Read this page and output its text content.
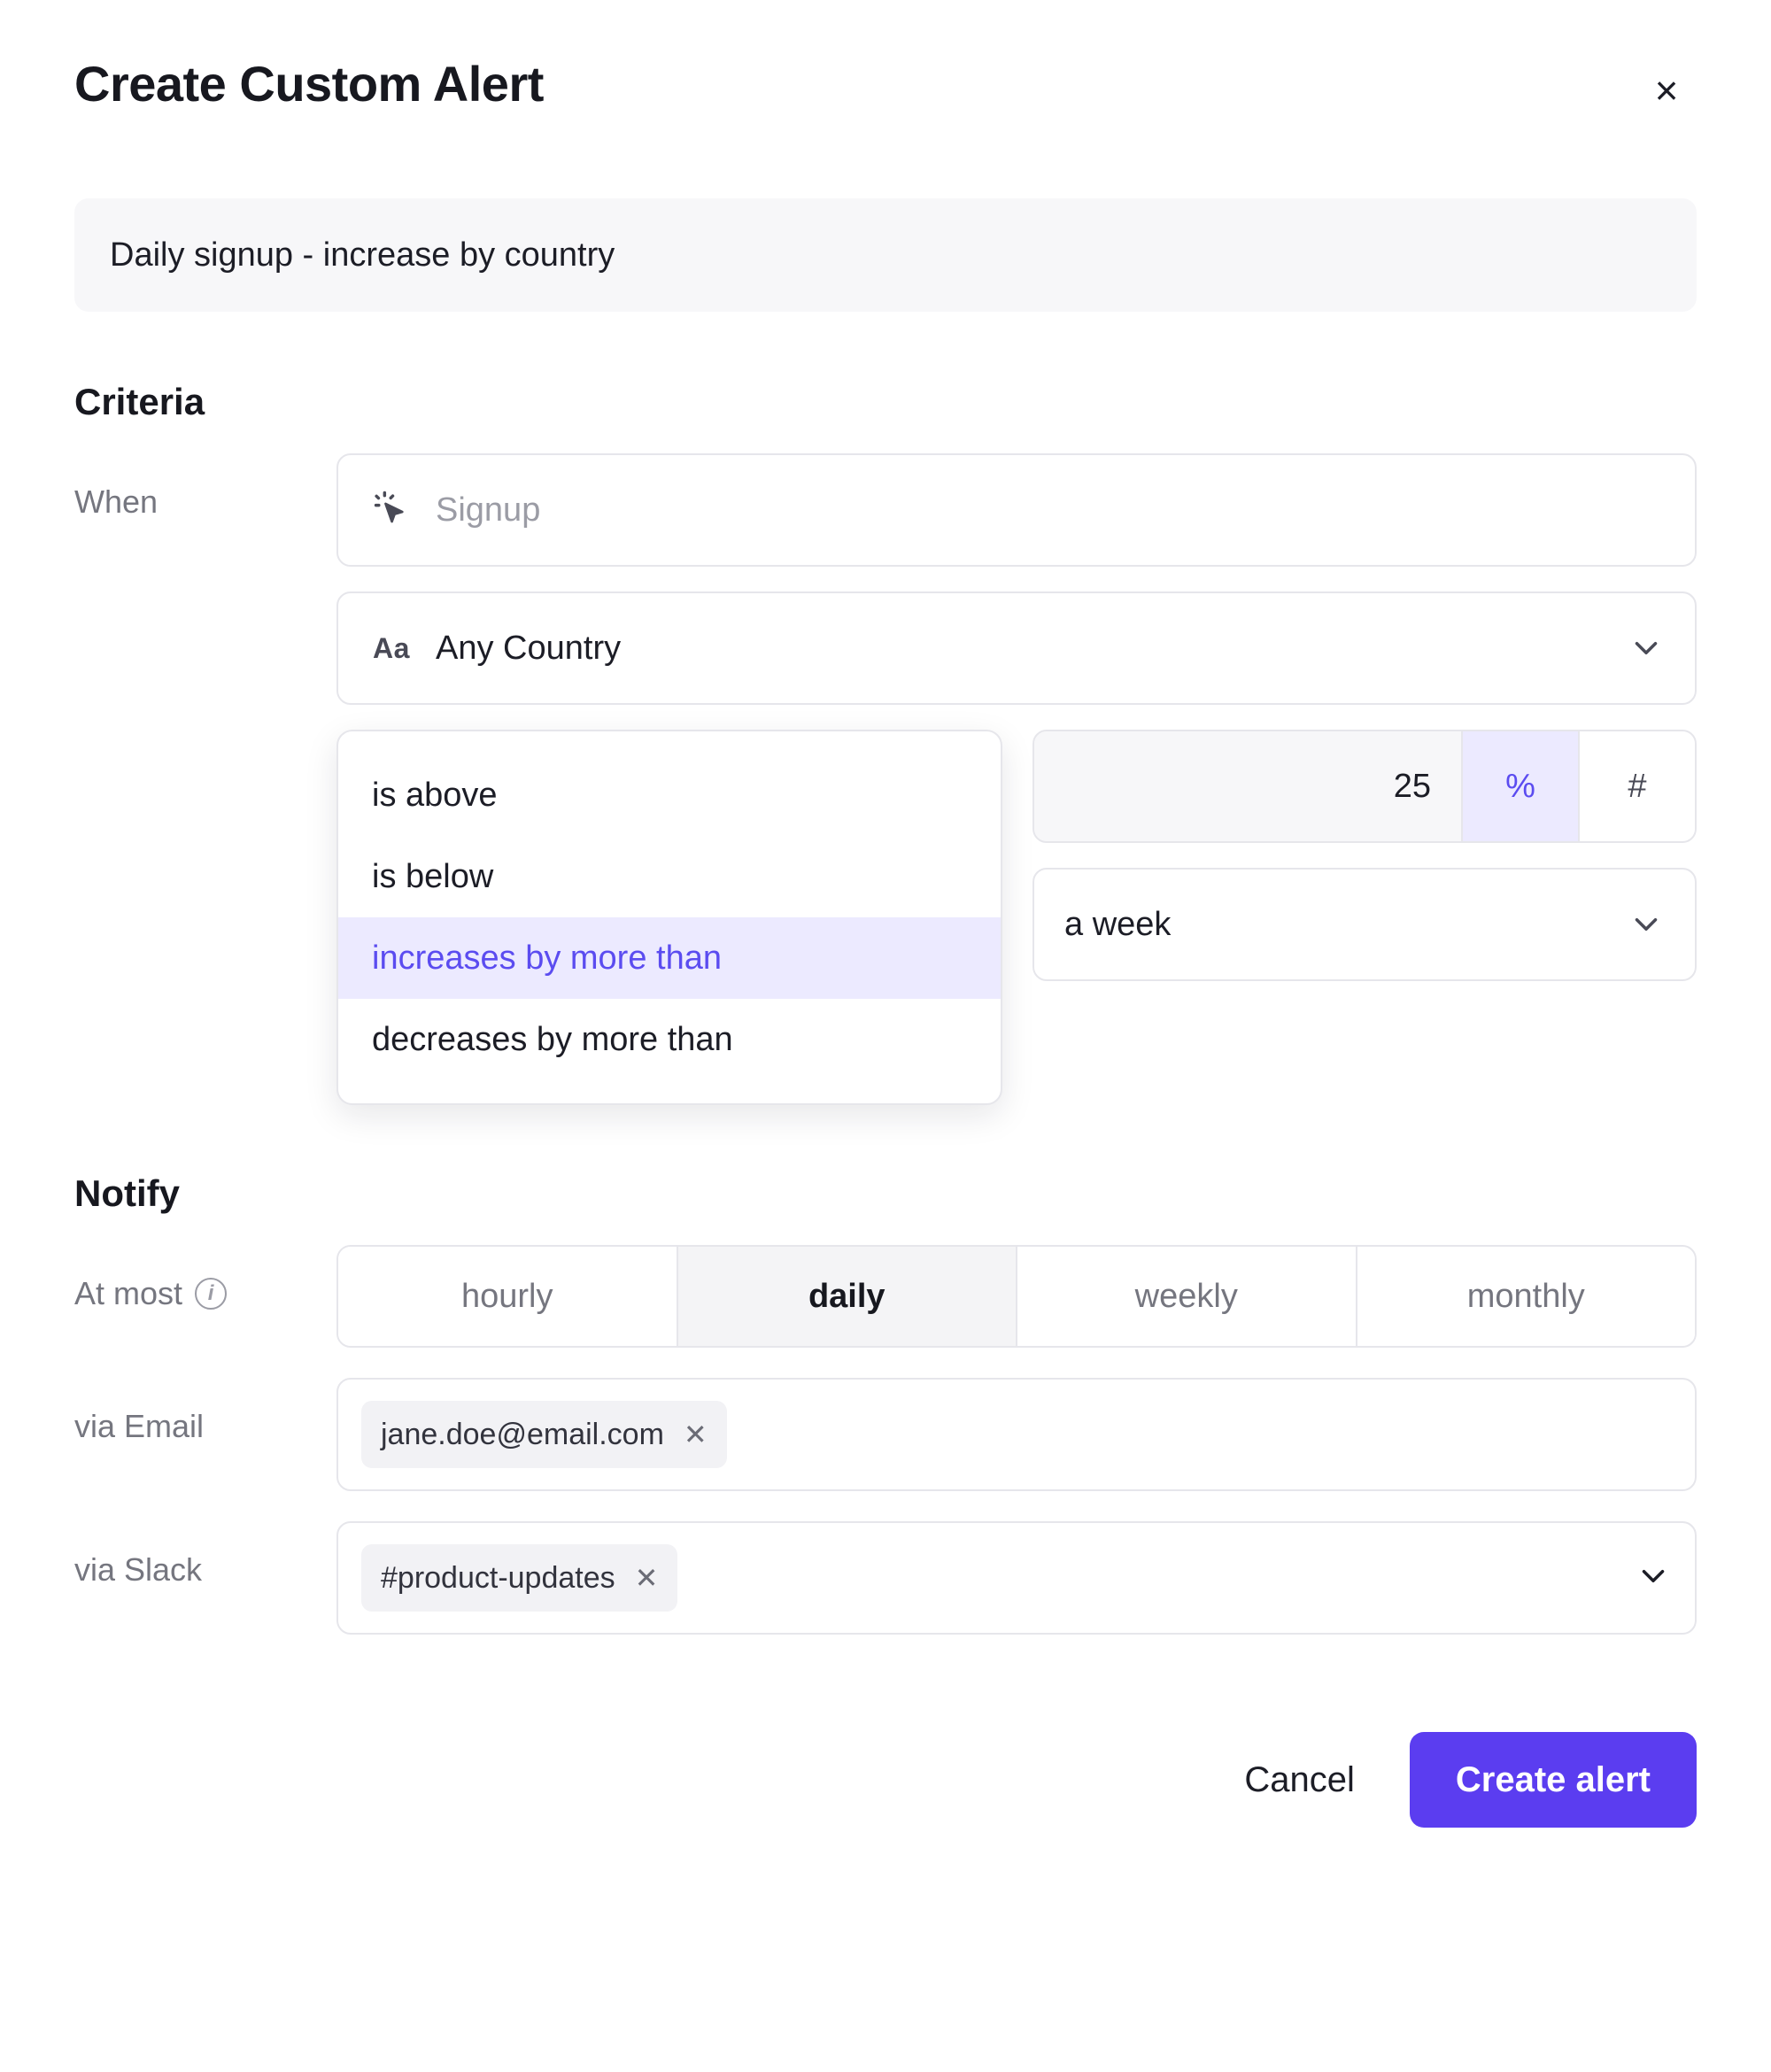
Create Custom Alert	×
Daily signup - increase by country
Criteria
When	Signup
Aa Any Country
is above
is below
increases by more than
decreases by more than
25	%	#
a week
Notify
At most	i	hourly	daily	weekly	monthly
via Email	jane.doe@email.com ✕
via Slack	#product-updates ✕
Cancel	Create alert
